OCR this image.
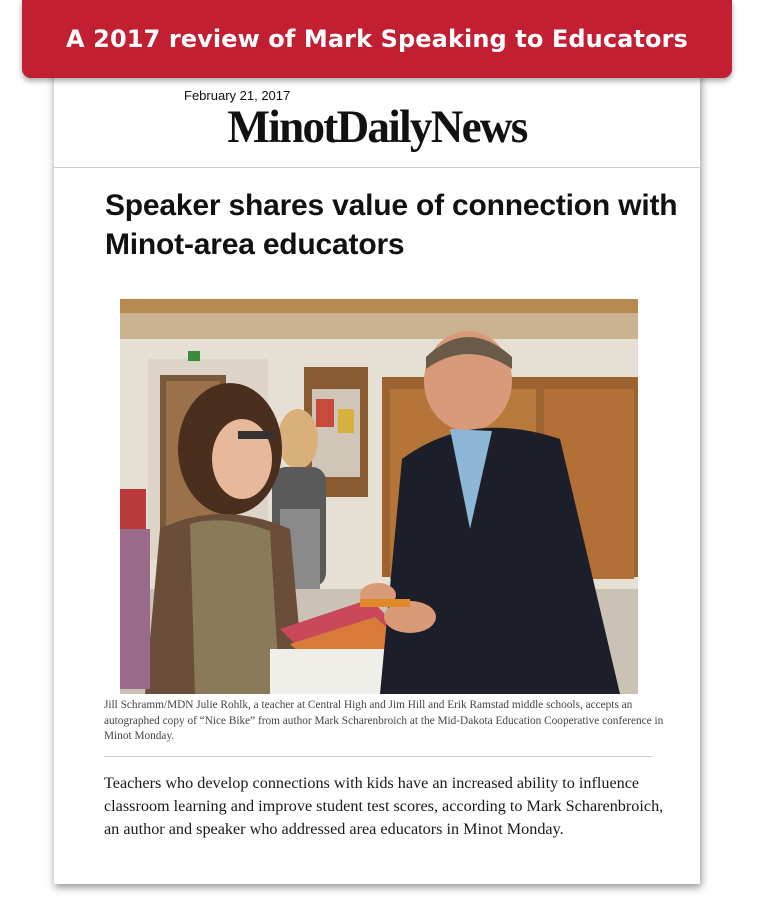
A 2017 review of Mark Speaking to Educators
February 21, 2017
MinotDailyNews
Speaker shares value of connection with Minot-area educators
Jill Schramm/MDN Julie Rohlk, a teacher at Central High and Jim Hill and Erik Ramstad middle schools, accepts an autographed copy of “Nice Bike” from author Mark Scharenbroich at the Mid-Dakota Education Cooperative conference in Minot Monday.
Teachers who develop connections with kids have an increased ability to influence classroom learning and improve student test scores, according to Mark Scharenbroich, an author and speaker who addressed area educators in Minot Monday.
